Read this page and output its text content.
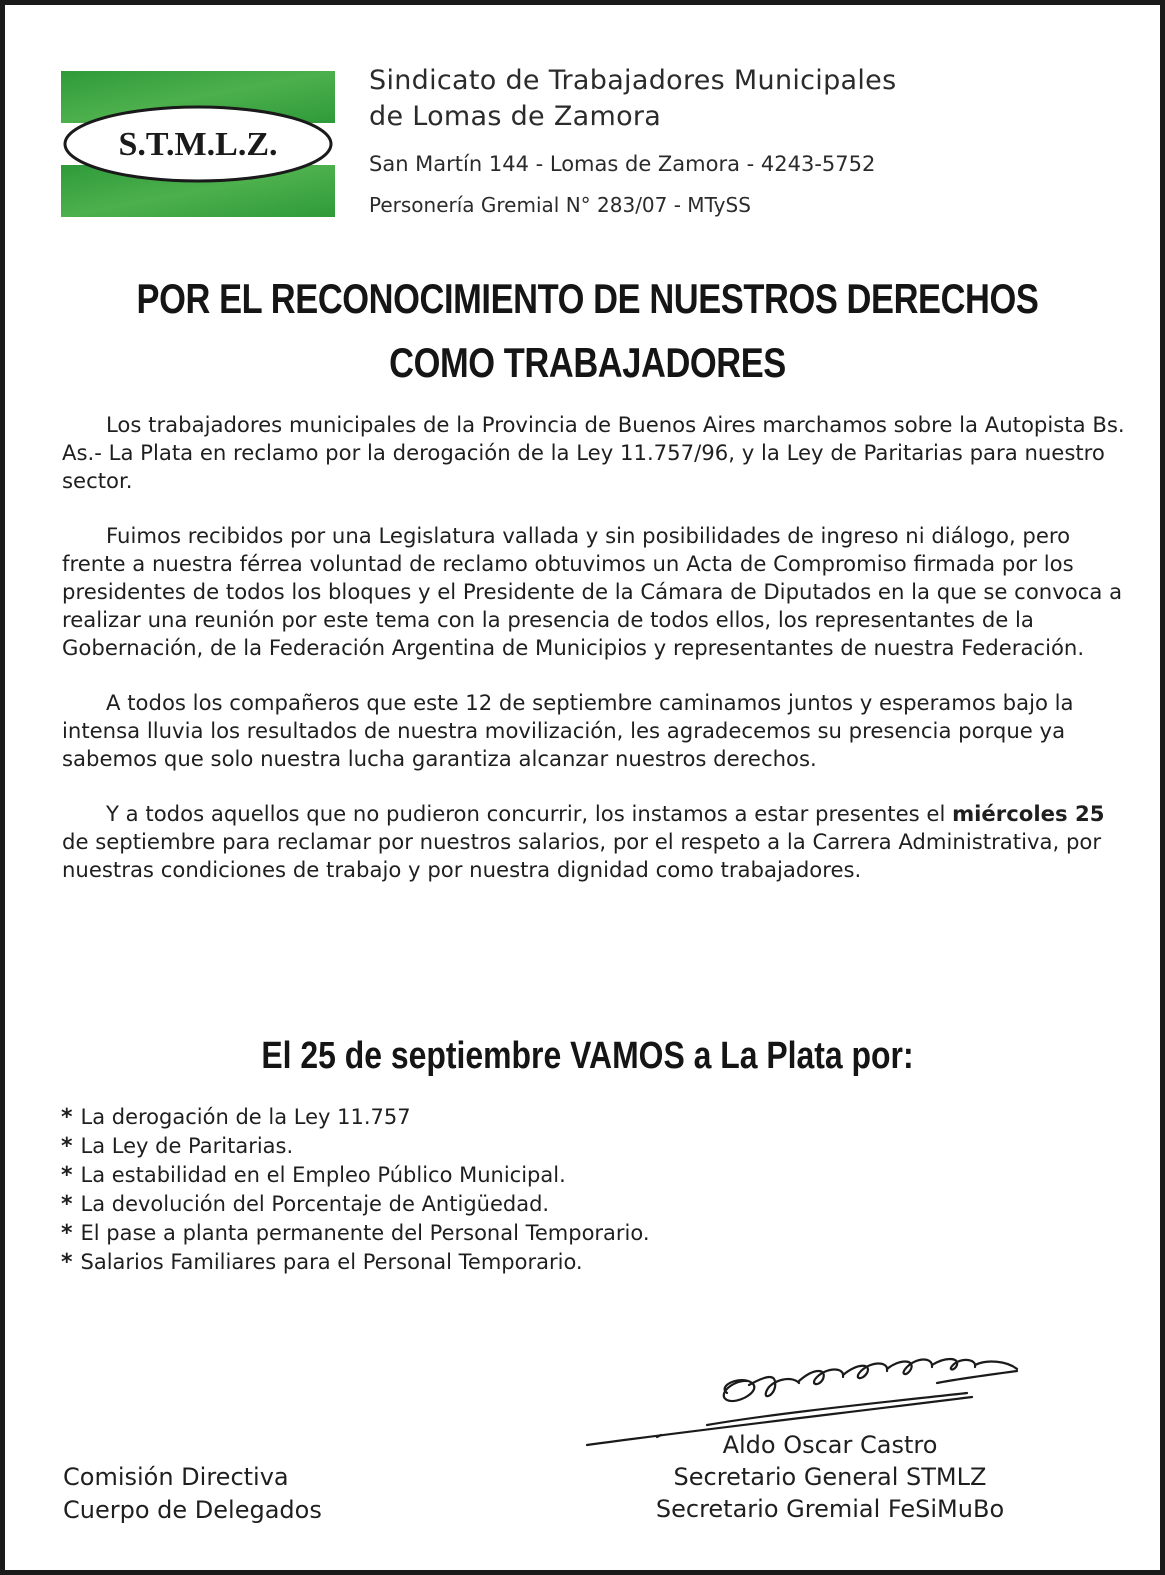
S.T.M.L.Z.
Sindicato de Trabajadores Municipales
de Lomas de Zamora
San Martín 144 - Lomas de Zamora - 4243-5752
Personería Gremial N° 283/07 - MTySS
POR EL RECONOCIMIENTO DE NUESTROS DERECHOS
COMO TRABAJADORES

Los trabajadores municipales de la Provincia de Buenos Aires marchamos sobre la Autopista Bs. As.- La Plata en reclamo por la derogación de la Ley 11.757/96, y la Ley de Paritarias para nuestro sector.

Fuimos recibidos por una Legislatura vallada y sin posibilidades de ingreso ni diálogo, pero frente a nuestra férrea voluntad de reclamo obtuvimos un Acta de Compromiso firmada por los presidentes de todos los bloques y el Presidente de la Cámara de Diputados en la que se convoca a realizar una reunión por este tema con la presencia de todos ellos, los representantes de la Gobernación, de la Federación Argentina de Municipios y representantes de nuestra Federación.

A todos los compañeros que este 12 de septiembre caminamos juntos y esperamos bajo la intensa lluvia los resultados de nuestra movilización, les agradecemos su presencia porque ya sabemos que solo nuestra lucha garantiza alcanzar nuestros derechos.

Y a todos aquellos que no pudieron concurrir, los instamos a estar presentes el miércoles 25 de septiembre para reclamar por nuestros salarios, por el respeto a la Carrera Administrativa, por nuestras condiciones de trabajo y por nuestra dignidad como trabajadores.

El 25 de septiembre VAMOS a La Plata por:
* La derogación de la Ley 11.757
* La Ley de Paritarias.
* La estabilidad en el Empleo Público Municipal.
* La devolución del Porcentaje de Antigüedad.
* El pase a planta permanente del Personal Temporario.
* Salarios Familiares para el Personal Temporario.
Comisión Directiva
Cuerpo de Delegados
Aldo Oscar Castro
Secretario General STMLZ
Secretario Gremial FeSiMuBo
